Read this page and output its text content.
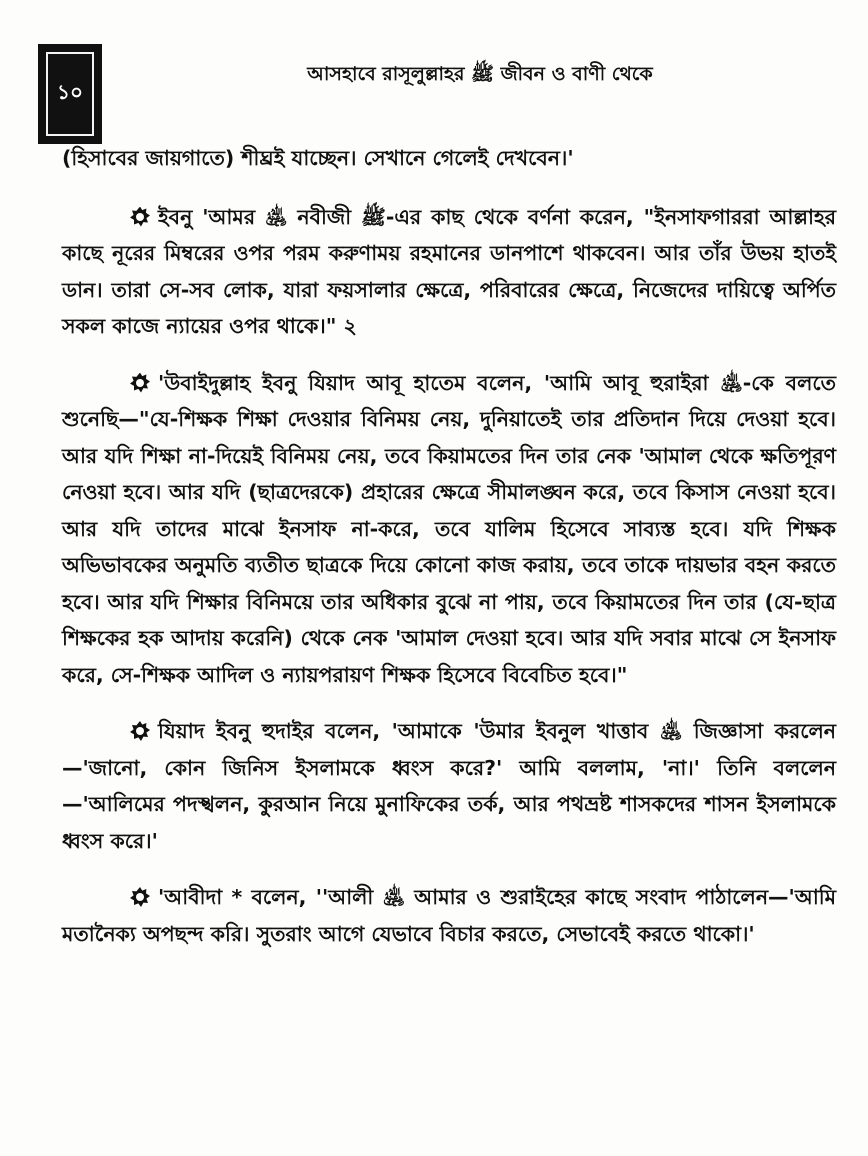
১০
আসহাবে রাসূলুল্লাহর ﷺ জীবন ও বাণী থেকে

(হিসাবের জায়গাতে) শীঘ্রই যাচ্ছেন। সেখানে গেলেই দেখবেন।'

ইবনু 'আমর ﵁ নবীজী ﷺ-এর কাছ থেকে বর্ণনা করেন, "ইনসাফগাররা আল্লাহর কাছে নূরের মিম্বরের ওপর পরম করুণাময় রহমানের ডানপাশে থাকবেন। আর তাঁর উভয় হাতই ডান। তারা সে-সব লোক, যারা ফয়সালার ক্ষেত্রে, পরিবারের ক্ষেত্রে, নিজেদের দায়িত্বে অর্পিত সকল কাজে ন্যায়ের ওপর থাকে।" ২

'উবাইদুল্লাহ ইবনু যিয়াদ আবূ হাতেম বলেন, 'আমি আবূ হুরাইরা ﵁-কে বলতে শুনেছি—"যে-শিক্ষক শিক্ষা দেওয়ার বিনিময় নেয়, দুনিয়াতেই তার প্রতিদান দিয়ে দেওয়া হবে। আর যদি শিক্ষা না-দিয়েই বিনিময় নেয়, তবে কিয়ামতের দিন তার নেক 'আমাল থেকে ক্ষতিপূরণ নেওয়া হবে। আর যদি (ছাত্রদেরকে) প্রহারের ক্ষেত্রে সীমালঙ্ঘন করে, তবে কিসাস নেওয়া হবে। আর যদি তাদের মাঝে ইনসাফ না-করে, তবে যালিম হিসেবে সাব্যস্ত হবে। যদি শিক্ষক অভিভাবকের অনুমতি ব্যতীত ছাত্রকে দিয়ে কোনো কাজ করায়, তবে তাকে দায়ভার বহন করতে হবে। আর যদি শিক্ষার বিনিময়ে তার অধিকার বুঝে না পায়, তবে কিয়ামতের দিন তার (যে-ছাত্র শিক্ষকের হক আদায় করেনি) থেকে নেক 'আমাল দেওয়া হবে। আর যদি সবার মাঝে সে ইনসাফ করে, সে-শিক্ষক আদিল ও ন্যায়পরায়ণ শিক্ষক হিসেবে বিবেচিত হবে।"

যিয়াদ ইবনু হুদাইর বলেন, 'আমাকে 'উমার ইবনুল খাত্তাব ﵁ জিজ্ঞাসা করলেন—'জানো, কোন জিনিস ইসলামকে ধ্বংস করে?' আমি বললাম, 'না।' তিনি বললেন—'আলিমের পদস্খলন, কুরআন নিয়ে মুনাফিকের তর্ক, আর পথভ্রষ্ট শাসকদের শাসন ইসলামকে ধ্বংস করে।'

'আবীদা * বলেন, ''আলী ﵁ আমার ও শুরাইহের কাছে সংবাদ পাঠালেন—'আমি মতানৈক্য অপছন্দ করি। সুতরাং আগে যেভাবে বিচার করতে, সেভাবেই করতে থাকো।'
